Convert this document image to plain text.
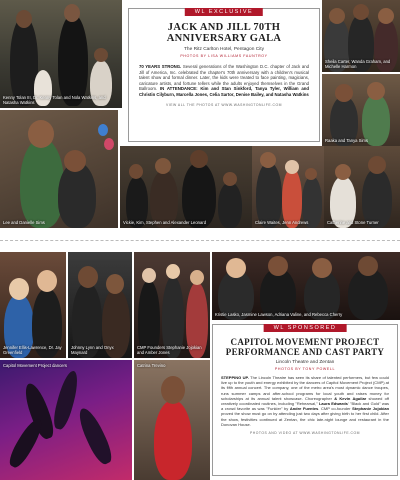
Kenny Tolan III, Dr. Kenny Tolan and Nola Watkins, and Natasha Watkins
Lee and Danielle Sims	Vickie, Kim, Stephen and Alexander Leonard	Claire Waites, Jenn Andrews
Sheila Carter, Wanda Graham, and Michelle Harmon
Raaka and Tanya Sims
Catherine and Stone Turner
WL EXCLUSIVE
JACK AND JILL 70TH
ANNIVERSARY GALA
The Ritz Carlton Hotel, Pentagon City
PHOTOS BY LISA WILLIAMS FAUNTROY
70 YEARS STRONG. Several generations of the Washington D.C. chapter of Jack and Jill of America, Inc. celebrated the chapter's 70th anniversary with a children's musical talent show and formal dinner. Later, the kids were treated to face painting, magicians, caricature artists, and fortune tellers while the adults enjoyed themselves in the Grand Ballroom. IN ATTENDANCE: Kim and Stan Sinkford, Tanya Tyler, William and Christin Cilyburn, Marcella Jones, Celia Sartor, Denise Bailey, and Natasha Watkins
VIEW ALL THE PHOTOS AT WWW.WASHINGTONLIFE.COM
Jennifer Ellis-Lawrence, Dr. Jay Greenfield
Johnny Lynn and Onyx Maynard
CMP Founders Stephanie Jojokian and Amber Jones
Kristie Lasko, Jasmine Lawson, Adriana Valine, and Rebecca Cherry
Capitol Movement Project dancers	Catrina Trevino
WL SPONSORED
CAPITOL MOVEMENT PROJECT
PERFORMANCE AND CAST PARTY
Lincoln Theatre and Zentan
PHOTOS BY TONY POWELL
STEPPING UP. The Lincoln Theatre has seen its share of talented performers, but few could live up to the youth and energy exhibited by the dancers of Capitol Movement Project (CMP) at its fifth annual concert. The company, one of the metro area's most dynamic dance troupes, runs summer camps and after-school programs for local youth and raises money for scholarships at its annual talent showcase. Choreographer & Kevin Aguilar showed off creatively coordinated routines, including "Rehearsal," Laura Edwards' "Black and Gold" was a crowd favorite as was "Funkier" by Andre Fuentes. CMP co-founder Stephanie Jojokian proved the show must go on by attending just two days after giving birth to her first child. After the show, festivities continued at Zentan, the chic late-night lounge and restaurant in the Donovan House.
PHOTOS AND VIDEO AT WWW.WASHINGTONLIFE.COM
